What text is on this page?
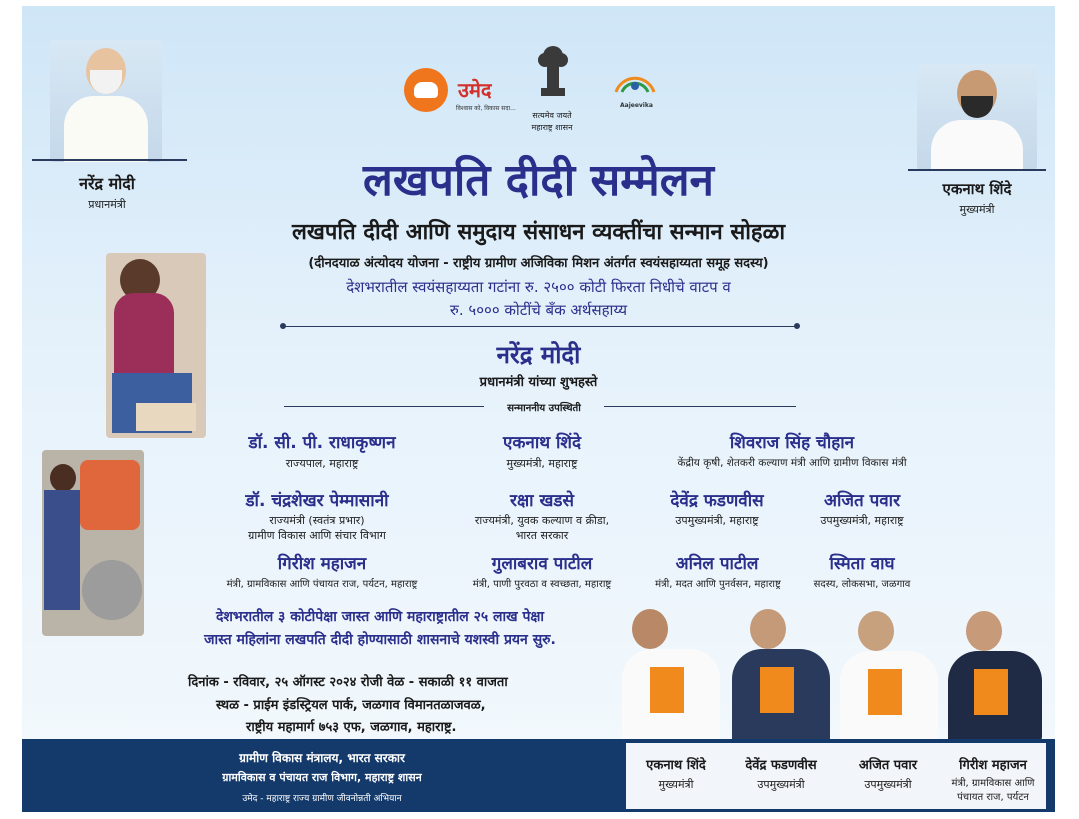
नरेंद्र मोदी
प्रधानमंत्री
एकनाथ शिंदे
मुख्यमंत्री
उमेद
विश्वास को, विकास सदा...
सत्यमेव जयते
महाराष्ट्र शासन
Aajeevika
लखपति दीदी सम्मेलन
लखपति दीदी आणि समुदाय संसाधन व्यक्तींचा सन्मान सोहळा
(दीनदयाळ अंत्योदय योजना - राष्ट्रीय ग्रामीण अजिविका मिशन अंतर्गत स्वयंसहाय्यता समूह सदस्य)
देशभरातील स्वयंसहाय्यता गटांना रु. २५०० कोटी फिरता निधीचे वाटप व
रु. ५००० कोटींचे बँक अर्थसहाय्य
नरेंद्र मोदी
प्रधानमंत्री यांच्या शुभहस्ते
सन्माननीय उपस्थिती
डॉ. सी. पी. राधाकृष्णन
राज्यपाल, महाराष्ट्र
एकनाथ शिंदे
मुख्यमंत्री, महाराष्ट्र
शिवराज सिंह चौहान
केंद्रीय कृषी, शेतकरी कल्याण मंत्री आणि ग्रामीण विकास मंत्री
डॉ. चंद्रशेखर पेम्मासानी
राज्यमंत्री (स्वतंत्र प्रभार)
ग्रामीण विकास आणि संचार विभाग
रक्षा खडसे
राज्यमंत्री, युवक कल्याण व क्रीडा,
भारत सरकार
देवेंद्र फडणवीस
उपमुख्यमंत्री, महाराष्ट्र
अजित पवार
उपमुख्यमंत्री, महाराष्ट्र
गिरीश महाजन
मंत्री, ग्रामविकास आणि पंचायत राज, पर्यटन, महाराष्ट्र
गुलाबराव पाटील
मंत्री, पाणी पुरवठा व स्वच्छता, महाराष्ट्र
अनिल पाटील
मंत्री, मदत आणि पुनर्वसन, महाराष्ट्र
स्मिता वाघ
सदस्य, लोकसभा, जळगाव
देशभरातील ३ कोटीपेक्षा जास्त आणि महाराष्ट्रातील २५ लाख पेक्षा
जास्त महिलांना लखपति दीदी होण्यासाठी शासनाचे यशस्वी प्रयन सुरु.
दिनांक - रविवार, २५ ऑगस्ट २०२४ रोजी वेळ - सकाळी ११ वाजता
स्थळ - प्राईम इंडस्ट्रियल पार्क, जळगाव विमानतळाजवळ,
राष्ट्रीय महामार्ग ७५३ एफ, जळगाव, महाराष्ट्र.
ग्रामीण विकास मंत्रालय, भारत सरकार
ग्रामविकास व पंचायत राज विभाग, महाराष्ट्र शासन
उमेद - महाराष्ट्र राज्य ग्रामीण जीवनोन्नती अभियान
एकनाथ शिंदे
मुख्यमंत्री
देवेंद्र फडणवीस
उपमुख्यमंत्री
अजित पवार
उपमुख्यमंत्री
गिरीश महाजन
मंत्री, ग्रामविकास आणि
पंचायत राज, पर्यटन
